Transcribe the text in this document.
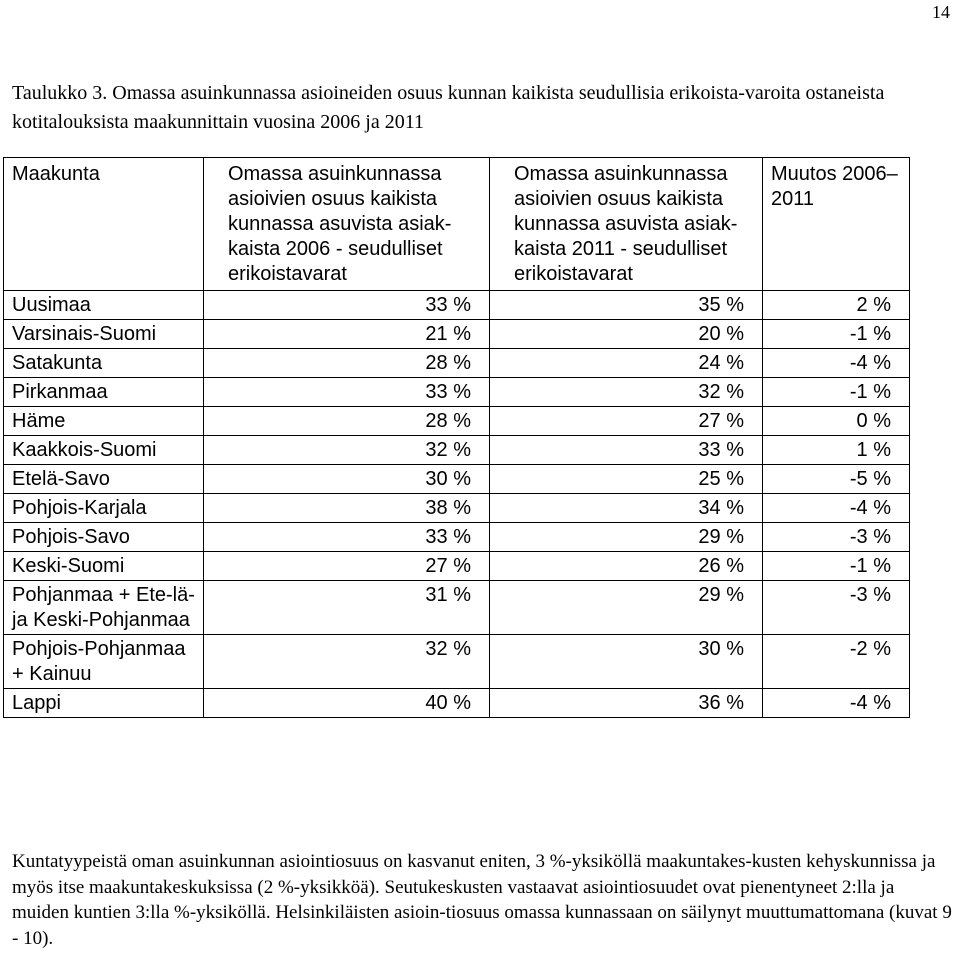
14

Taulukko 3. Omassa asuinkunnassa asioineiden osuus kunnan kaikista seudullisia erikoista-varoita ostaneista kotitalouksista maakunnittain vuosina 2006 ja 2011

Maakunta	Omassa asuinkunnassa asioivien osuus kaikista kunnassa asuvista asiak-kaista 2006 - seudulliset erikoistavarat	Omassa asuinkunnassa asioivien osuus kaikista kunnassa asuvista asiak-kaista 2011 - seudulliset erikoistavarat	Muutos 2006– 2011
Uusimaa	33 %	35 %	2 %
Varsinais-Suomi	21 %	20 %	-1 %
Satakunta	28 %	24 %	-4 %
Pirkanmaa	33 %	32 %	-1 %
Häme	28 %	27 %	0 %
Kaakkois-Suomi	32 %	33 %	1 %
Etelä-Savo	30 %	25 %	-5 %
Pohjois-Karjala	38 %	34 %	-4 %
Pohjois-Savo	33 %	29 %	-3 %
Keski-Suomi	27 %	26 %	-1 %
Pohjanmaa + Ete-lä- ja Keski-Pohjanmaa	31 %	29 %	-3 %
Pohjois-Pohjanmaa + Kainuu	32 %	30 %	-2 %
Lappi	40 %	36 %	-4 %

Kuntatyypeistä oman asuinkunnan asiointiosuus on kasvanut eniten, 3 %-yksiköllä maakuntakes-kusten kehyskunnissa ja myös itse maakuntakeskuksissa (2 %-yksikköä). Seutukeskusten vastaavat asiointiosuudet ovat pienentyneet 2:lla ja muiden kuntien 3:lla %-yksiköllä. Helsinkiläisten asioin-tiosuus omassa kunnassaan on säilynyt muuttumattomana (kuvat 9 - 10).
